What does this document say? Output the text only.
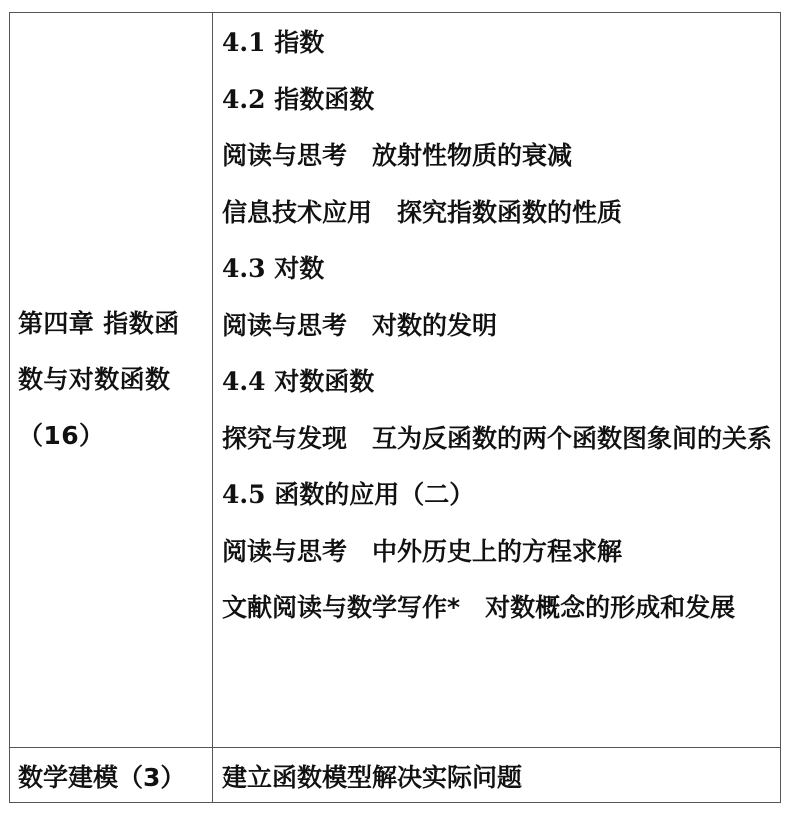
第四章 指数函数与对数函数（16）
4.1 指数
4.2 指数函数
阅读与思考　放射性物质的衰减
信息技术应用　探究指数函数的性质
4.3 对数
阅读与思考　对数的发明
4.4 对数函数
探究与发现　互为反函数的两个函数图象间的关系
4.5 函数的应用（二）
阅读与思考　中外历史上的方程求解
文献阅读与数学写作*　对数概念的形成和发展
数学建模（3）	建立函数模型解决实际问题
